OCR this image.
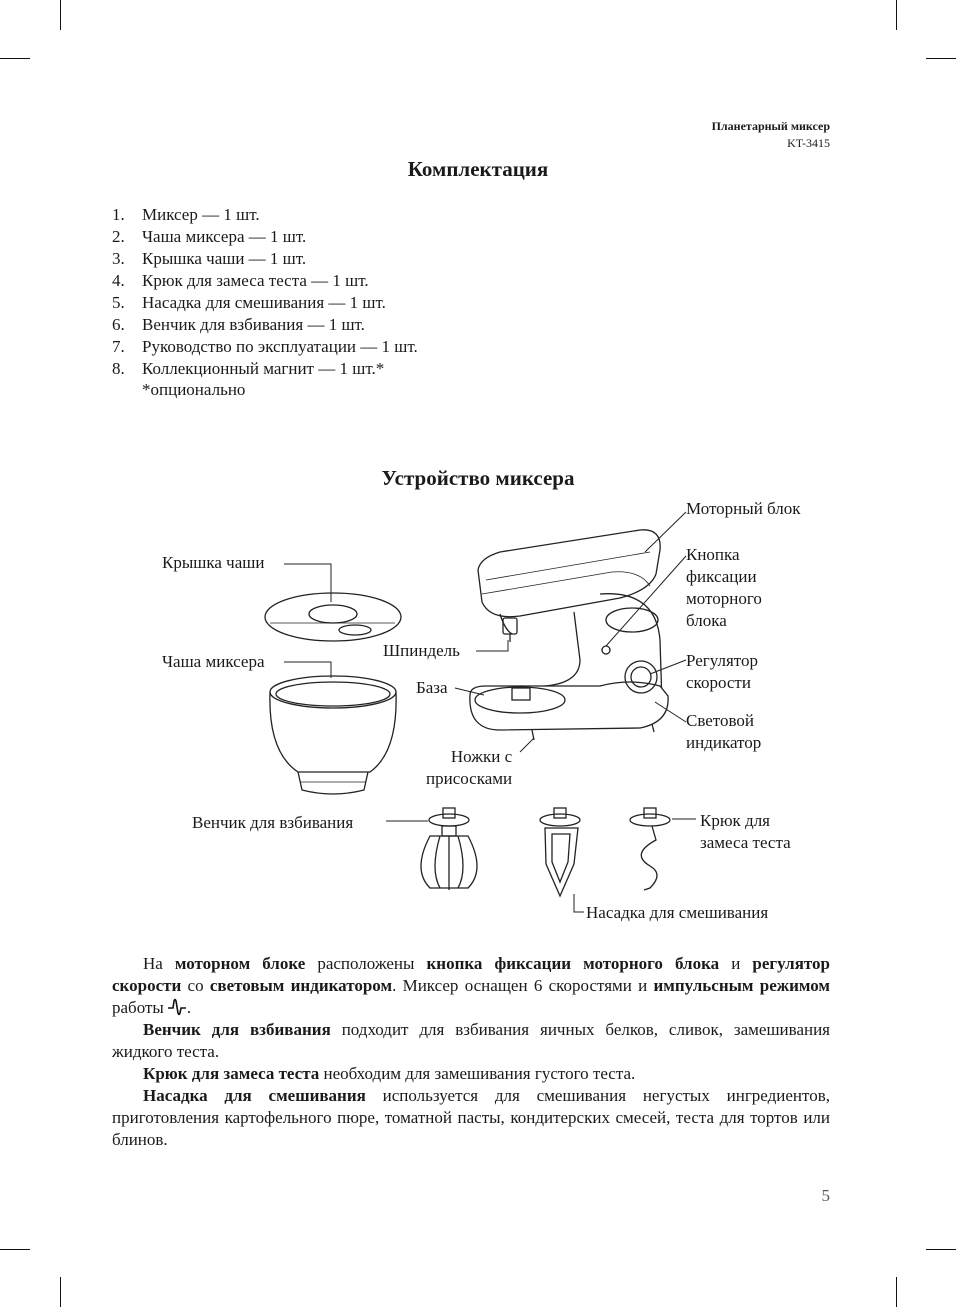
Планетарный миксер
KT-3415
Комплектация
1.	Миксер — 1 шт.
2.	Чаша миксера — 1 шт.
3.	Крышка чаши — 1 шт.
4.	Крюк для замеса теста — 1 шт.
5.	Насадка для смешивания — 1 шт.
6.	Венчик для взбивания — 1 шт.
7.	Руководство по эксплуатации — 1 шт.
8.	Коллекционный магнит — 1 шт.*
*опционально
Устройство миксера
Крышка чаши
Чаша миксера
Моторный блок
Кнопка
фиксации
моторного
блока
Регулятор
скорости
Световой
индикатор
Шпиндель
База
Ножки с
присосками
Венчик для взбивания	Крюк для
замеса теста
Насадка для смешивания

На моторном блоке расположены кнопка фиксации моторного блока и регулятор скорости со световым индикатором. Миксер оснащен 6 скоростями и импульсным режимом работы .

Венчик для взбивания подходит для взбивания яичных белков, сливок, замешивания жидкого теста.

Крюк для замеса теста необходим для замешивания густого теста.

Насадка для смешивания используется для смешивания негустых ингредиентов, приготовления картофельного пюре, томатной пасты, кондитерских смесей, теста для тортов или блинов.

5
